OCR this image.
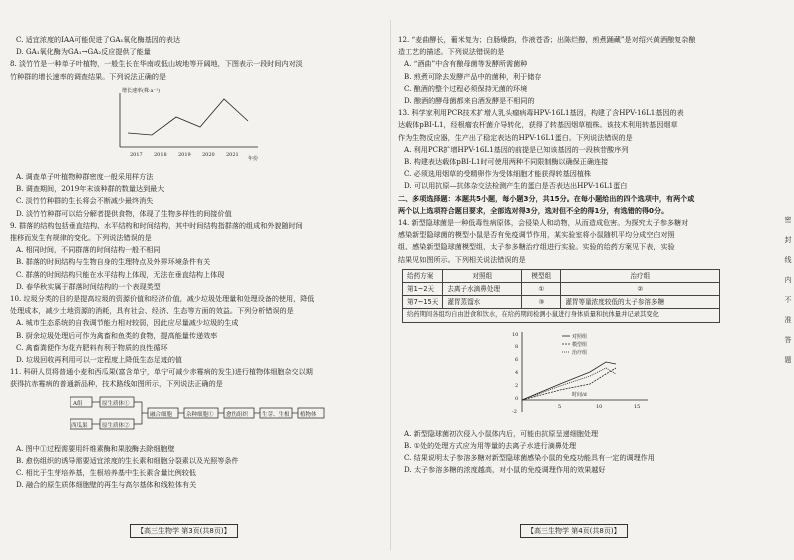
C. 适宜浓度的IAA可能促进了GA₁氧化酶基因的表达
D. GA₁氧化酶为GA₁→GA₂反应提供了能量
8. 淡竹竹是一种单子叶植物，一般生长在华南或低山坡地等开阔地，下图表示一段时间内对淡
竹种群的增长速率的调查结果。下列说法正确的是
增长速率(株·a⁻¹)
年份
2017 2018 2019 2020 2021
A. 调查单子叶植物种群密度一般采用样方法
B. 调查期间，2019年末该种群的数量达到最大
C. 淡竹竹种群的生长将会不断减少最终消失
D. 淡竹竹种群可以给分解者提供食物，体现了生物多样性的间接价值
9. 群落的结构包括垂直结构、水平结构和时间结构，其中时间结构指群落的组成和外貌随时间
推移而发生有规律的变化。下列说法错误的是
A. 相同时间，不同群落的时间结构一般不相同
B. 群落的时间结构与生物自身的生理特点及外界环境条件有关
C. 群落的时间结构只能在水平结构上体现，无法在垂直结构上体现
D. 春华秋实属于群落时间结构的一个表现类型
10. 垃圾分类的目的是提高垃圾的资源价值和经济价值，减少垃圾处理量和处理设备的使用，降低
处理成本，减少土地资源的消耗，具有社会、经济、生态等方面的效益。下列分析错误的是
A. 城市生态系统的自我调节能力相对较弱，因此应尽量减少垃圾的生成
B. 厨余垃圾处理后可作为禽畜和鱼类的食物，提高能量传递效率
C. 禽畜粪便作为花卉肥料有利于物质的良性循环
D. 垃圾回收再利用可以一定程度上降低生态足迹的值
11. 科研人员将普通小麦和西瓜果(富含单宁，单宁可减少赤霉病的发生)进行植物体细胞杂交以期
获得抗赤霉病的普通新品种，技术路线如图所示，下列说法正确的是
A组	原生质体①
西瓜果	原生质体②
融合细胞	杂种细胞① 愈伤组织	生芽、生根 植物体
A. 图中①过程需要用纤维素酶和果胶酶去除细胞壁
B. 愈伤组织的诱导需要适宜浓度的生长素和细胞分裂素以及光照等条件
C. 相比于生芽培养基，生根培养基中生长素含量比例较低
D. 融合的原生质体细胞壁的再生与高尔基体和线粒体有关
【高三生物学 第3页(共8页)】
12. “麦曲酵长，葡米复为；白肠燥韵，作液苍香；出陈烂醇，煎煮踊藏”是对绍兴黄酒酿复杂酿
造工艺的描述。下列说法错误的是
A. “酒曲”中含有酿母菌等发酵所需菌种
B. 煎煮可除去发酵产品中的菌种，利于储存
C. 酿酒的整个过程必须保持无菌的环境
D. 酿酒的酵母菌都来自酒发酵是不相同的
13. 科学家利用PCR技术扩增人乳头瘤病毒HPV-16L1基因，构建了含HPV-16L1基因的表
达载体pBI-L1，经根瘤农杆菌介导转化，获得了转基因烟草植株。该技术利用转基因烟草
作为生物反应器，生产出了稳定表达的HPV-16L1蛋白。下列说法错误的是
A. 利用PCR扩增HPV-16L1基因的前提是已知该基因的一段核苷酸序列
B. 构建表达载体pBI-L1时可使用两种不同限制酶以确保正确连接
C. 必须选用烟草的受精卵作为受体细胞才能获得转基因植株
D. 可以用抗原—抗体杂交法检测产生的蛋白是否表达出HPV-16L1蛋白
二、多项选择题：本题共5小题，每小题3分，共15分。在每小题给出的四个选项中，有两个或
两个以上选项符合题目要求，全部选对得3分，选对但不全的得1分，有选错的得0分。
14. 新型隐球菌是一种低毒性病原体，会侵染人和动物，从而造成危害。为探究太子参多糖对
感染新型隐球菌的模型小鼠是否有免疫调节作用，某实验室将小鼠随机平均分成空白对照
组、感染新型隐球菌模型组，太子参多糖治疗组进行实验。实验的给药方案见下表，实验
结果见如图所示。下列相关说法错误的是
给药方案	对照组	模型组	治疗组
第1~2天	去离子水滴鼻处理	①	②
第7~15天	灌胃蒸馏水	③	灌胃等量浓度较低的太子参溶多糖
给药期间各组均自由进食和饮水，在给药期间检测小鼠进行身体质量和抗体量并记录其变化			
10
8
6
4
2
0
-2
5	10	15
时间/d
对照组
模型组
治疗组
A. 新型隐球菌初次侵入小鼠体内后，可能由抗原呈递细胞处理
B. ①处的处理方式应为用等量的去离子水进行滴鼻处理
C. 结果说明太子参溶多糖对新型隐球菌感染小鼠的免疫功能具有一定的调理作用
D. 太子参溶多糖的浓度越高，对小鼠的免疫调理作用的效果越好
【高三生物学 第4页(共8页)】
密
封
线
内
不
准
答
题
